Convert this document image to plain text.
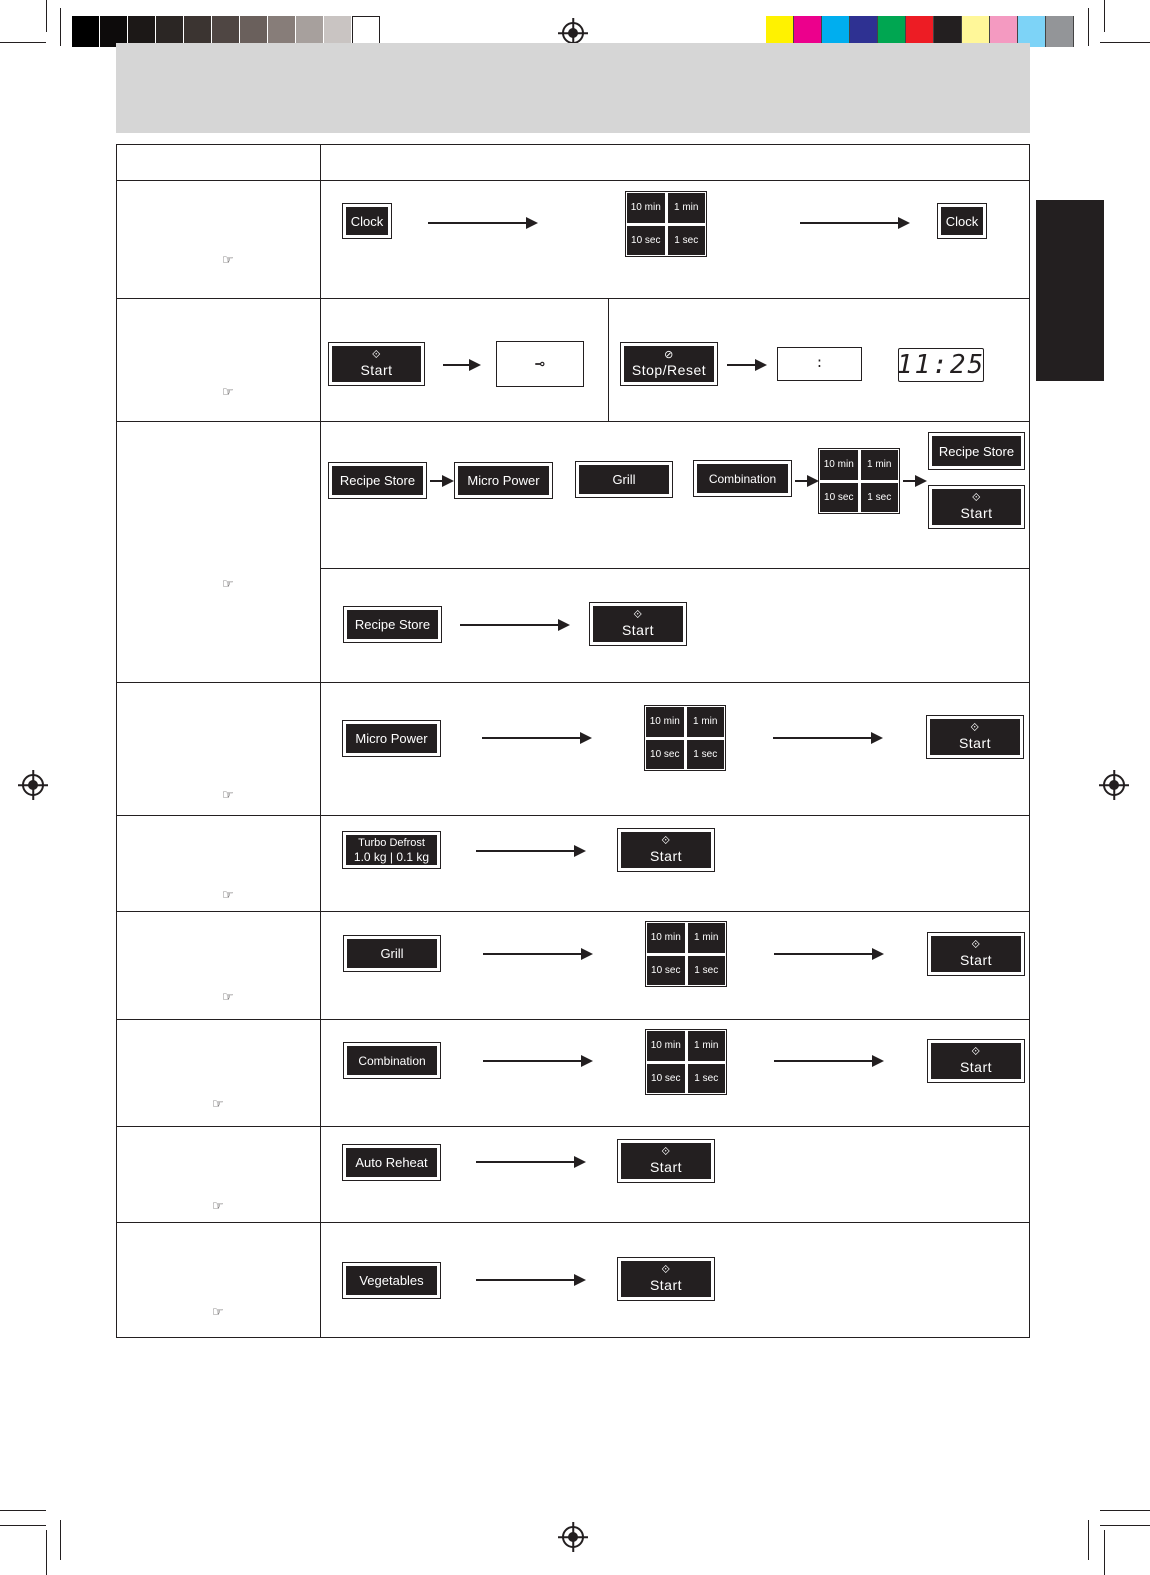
☞
☞
☞
☞
☞
☞
☞
☞
☞
Clock
10 min	1 min
10 sec	1 sec
Clock
⟐
Start	⊸
⊘
Stop/Reset	:	11:25
Recipe Store	Micro Power	Grill	Combination
10 min	1 min
10 sec	1 sec
Recipe Store
⟐
Start
Recipe Store
⟐
Start
Micro Power
10 min	1 min
10 sec	1 sec
⟐
Start
Turbo Defrost
1.0 kg | 0.1 kg
⟐
Start
Grill
10 min	1 min
10 sec	1 sec
⟐
Start
Combination
10 min	1 min
10 sec	1 sec
⟐
Start
Auto Reheat
⟐
Start
Vegetables
⟐
Start
